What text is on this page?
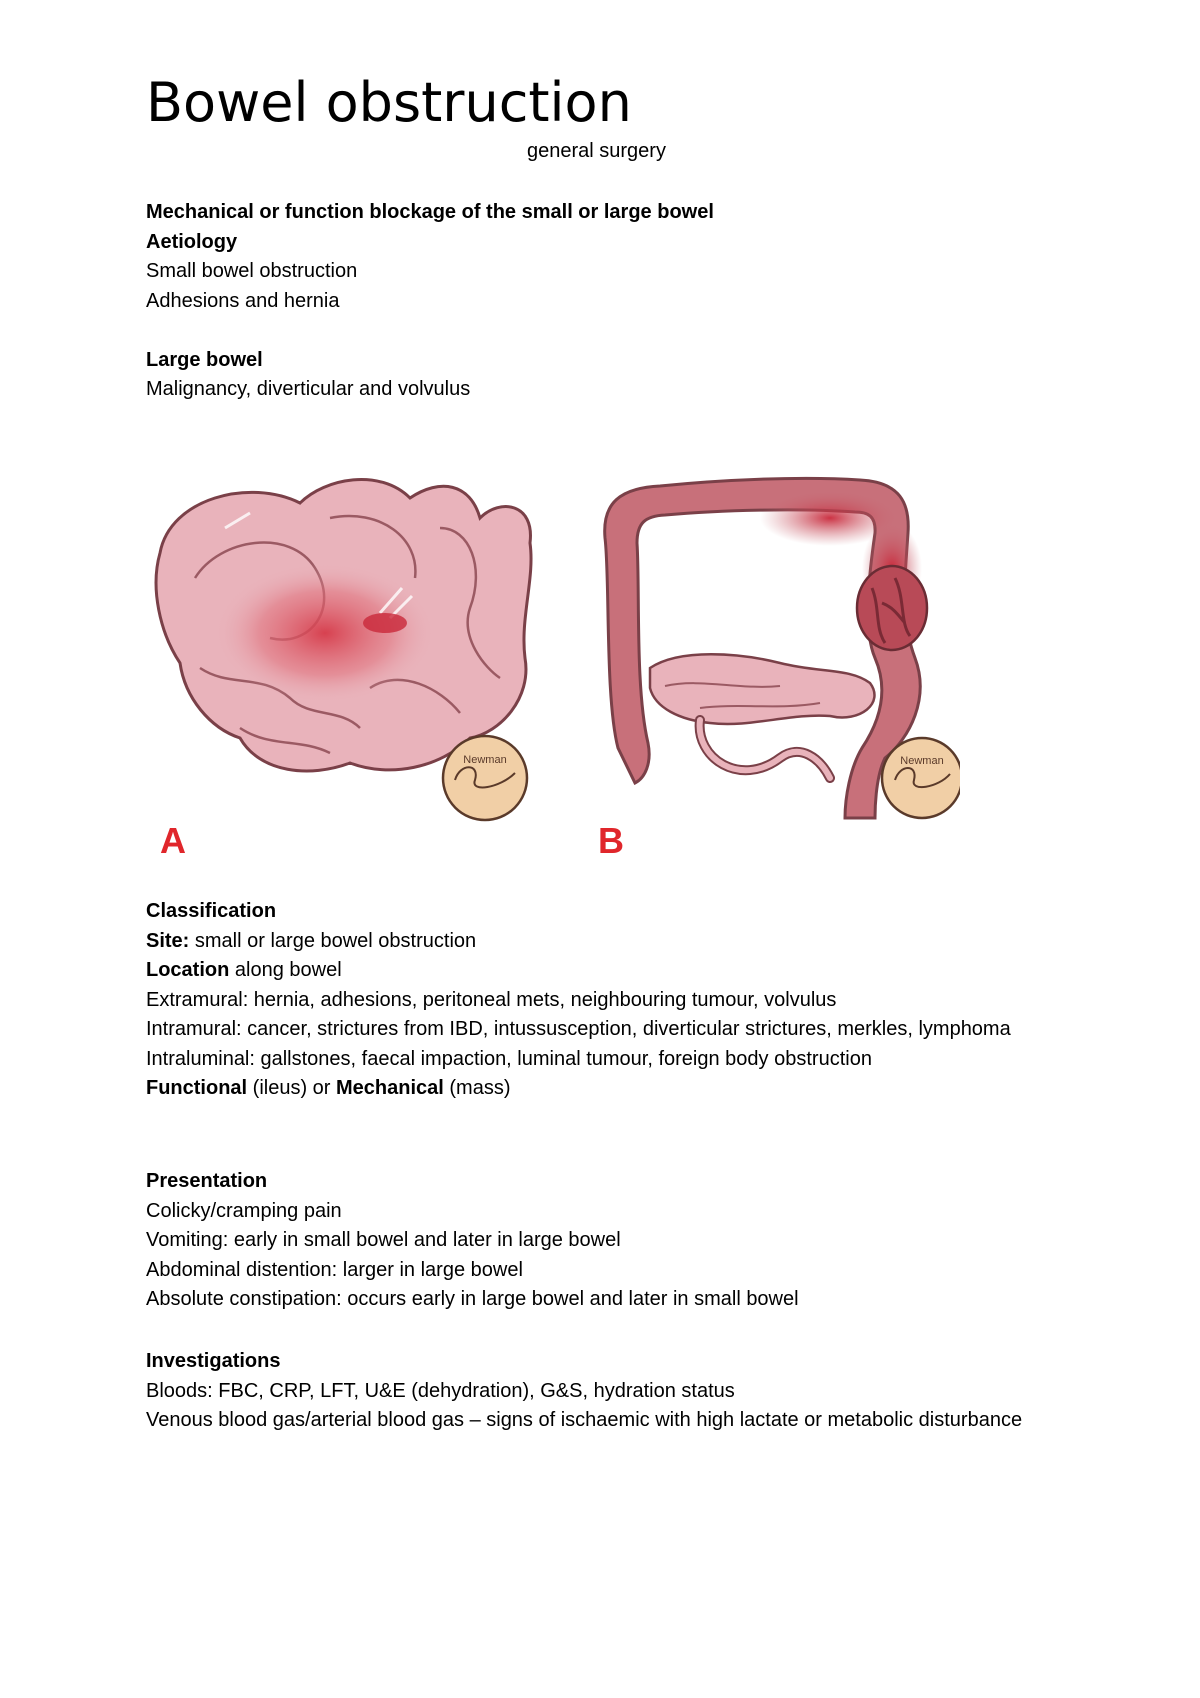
Bowel obstruction
general surgery
Mechanical or function blockage of the small or large bowel
Aetiology
Small bowel obstruction
Adhesions and hernia
Large bowel
Malignancy, diverticular and volvulus
Newman	Newman
A	B
Classification
Site: small or large bowel obstruction
Location along bowel
Extramural: hernia, adhesions, peritoneal mets, neighbouring tumour, volvulus
Intramural: cancer, strictures from IBD, intussusception, diverticular strictures, merkles, lymphoma
Intraluminal: gallstones, faecal impaction, luminal tumour, foreign body obstruction
Functional (ileus) or Mechanical (mass)
Presentation
Colicky/cramping pain
Vomiting: early in small bowel and later in large bowel
Abdominal distention: larger in large bowel
Absolute constipation: occurs early in large bowel and later in small bowel
Investigations
Bloods: FBC, CRP, LFT, U&E (dehydration), G&S, hydration status
Venous blood gas/arterial blood gas – signs of ischaemic with high lactate or metabolic disturbance
